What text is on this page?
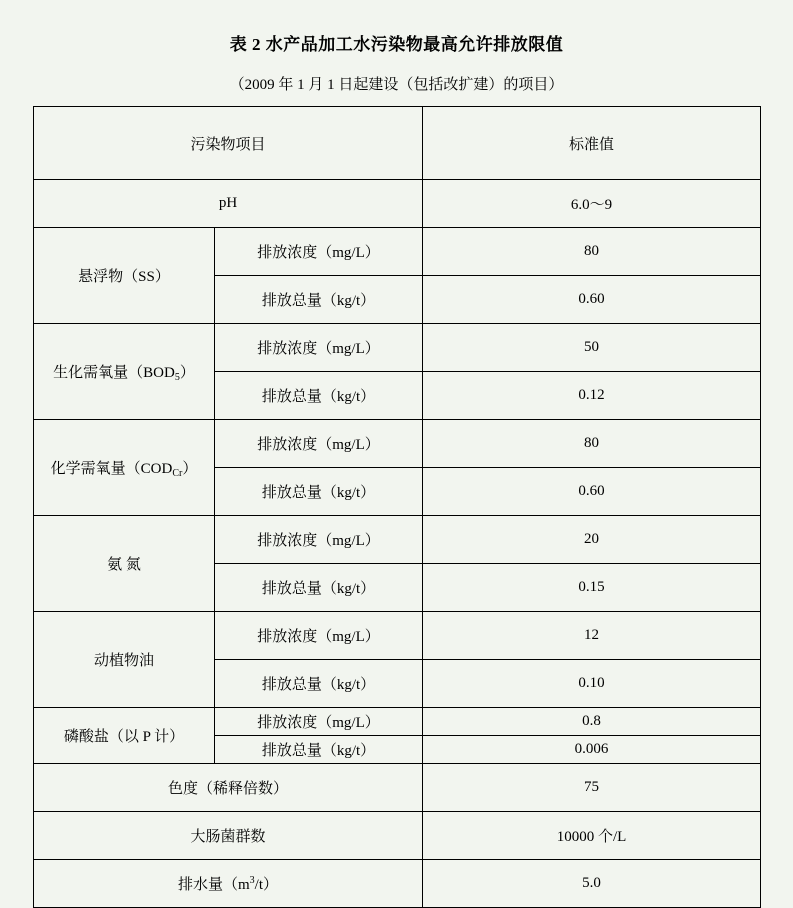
表 2 水产品加工水污染物最高允许排放限值
（2009 年 1 月 1 日起建设（包括改扩建）的项目）
污染物项目		标准值
pH		6.0～9
悬浮物（SS）	排放浓度（mg/L）	80
	排放总量（kg/t）	0.60
生化需氧量$(BOD_5)$	排放浓度（mg/L）	50
	排放总量（kg/t）	0.12
化学需氧量$(COD_{Cr})$	排放浓度（mg/L）	80
	排放总量（kg/t）	0.60
氨 氮	排放浓度（mg/L）	20
	排放总量（kg/t）	0.15
动植物油	排放浓度（mg/L）	12
	排放总量（kg/t）	0.10
磷酸盐（以 P 计）	排放浓度（mg/L）	0.8
	排放总量（kg/t）	0.006
色度（稀释倍数）		75
大肠菌群数		10000 个/L
排水量$(m^3/t)$		5.0
